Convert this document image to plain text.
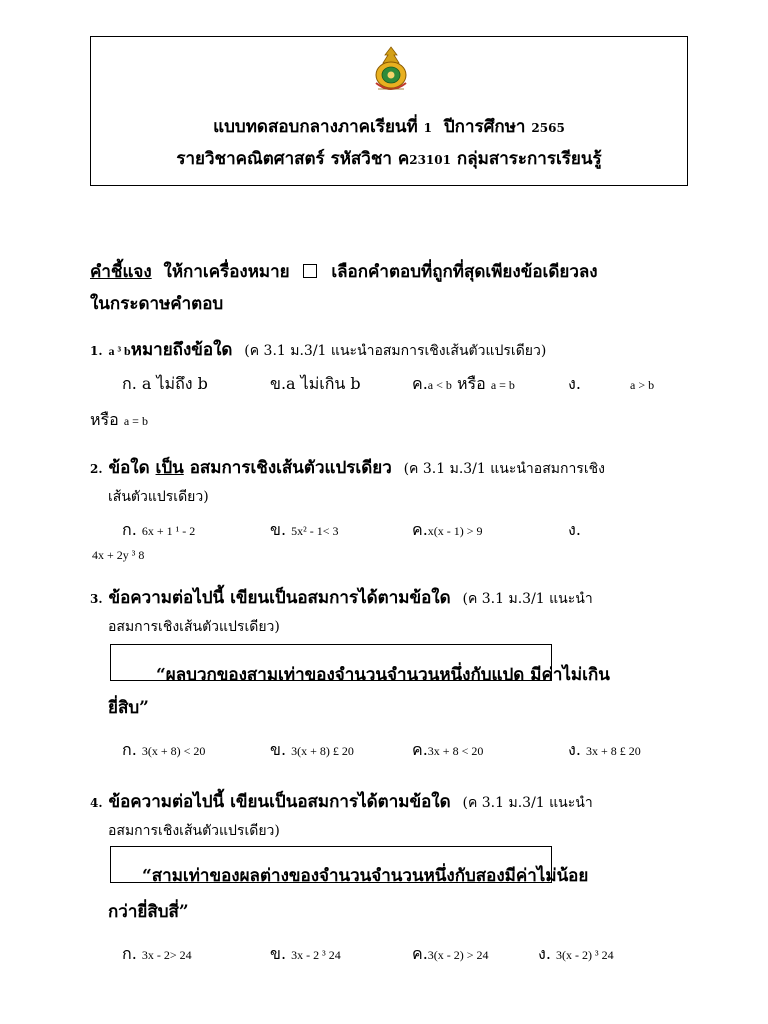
แบบทดสอบกลางภาคเรียนที่ 1 ปีการศึกษา 2565
รายวิชาคณิตศาสตร์ รหัสวิชา ค23101 กลุ่มสาระการเรียนรู้
คำชี้แจง ให้กาเครื่องหมาย เลือกคำตอบที่ถูกที่สุดเพียงข้อเดียวลง
ในกระดาษคำตอบ
1. a ³ bหมายถึงข้อใด (ค 3.1 ม.3/1 แนะนำอสมการเชิงเส้นตัวแปรเดียว)
ก. a ไม่ถึง b	ข.a ไม่เกิน b	ค.a < b หรือ a = b	ง.	a > b
หรือ a = b
2. ข้อใด เป็น อสมการเชิงเส้นตัวแปรเดียว (ค 3.1 ม.3/1 แนะนำอสมการเชิง
เส้นตัวแปรเดียว)
ก. 6x + 1 ¹ - 2	ข. 5x² - 1< 3	ค.x(x - 1) > 9	ง.
4x + 2y ³ 8
3. ข้อความต่อไปนี้ เขียนเป็นอสมการได้ตามข้อใด (ค 3.1 ม.3/1 แนะนำ
อสมการเชิงเส้นตัวแปรเดียว)
“ผลบวกของสามเท่าของจำนวนจำนวนหนึ่งกับแปด มีค่าไม่เกิน
ยี่สิบ”
ก. 3(x + 8) < 20	ข. 3(x + 8) £ 20	ค.3x + 8 < 20	ง. 3x + 8 £ 20
4. ข้อความต่อไปนี้ เขียนเป็นอสมการได้ตามข้อใด (ค 3.1 ม.3/1 แนะนำ
อสมการเชิงเส้นตัวแปรเดียว)
“สามเท่าของผลต่างของจำนวนจำนวนหนึ่งกับสองมีค่าไม่น้อย
กว่ายี่สิบสี่”
ก. 3x - 2> 24	ข. 3x - 2 ³ 24	ค.3(x - 2) > 24	ง. 3(x - 2) ³ 24
